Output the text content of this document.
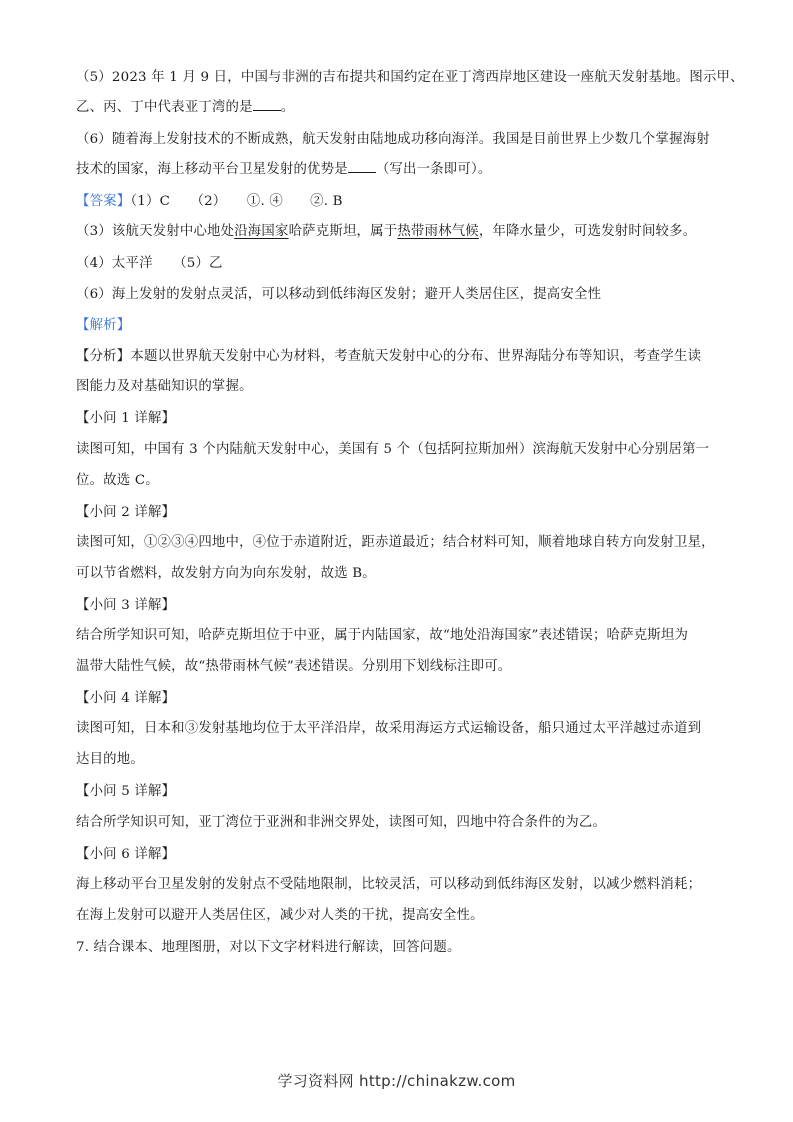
（5）2023 年 1 月 9 日，中国与非洲的吉布提共和国约定在亚丁湾西岸地区建设一座航天发射基地。图示甲、
乙、丙、丁中代表亚丁湾的是 。
（6）随着海上发射技术的不断成熟，航天发射由陆地成功移向海洋。我国是目前世界上少数几个掌握海射
技术的国家，海上移动平台卫星发射的优势是 （写出一条即可）。
【答案】（1）C　　（2）　　①. ④　　②. B
（3）该航天发射中心地处沿海国家哈萨克斯坦，属于热带雨林气候，年降水量少，可选发射时间较多。
（4）太平洋　　（5）乙
（6）海上发射的发射点灵活，可以移动到低纬海区发射；避开人类居住区，提高安全性
【解析】
【分析】本题以世界航天发射中心为材料，考查航天发射中心的分布、世界海陆分布等知识，考查学生读
图能力及对基础知识的掌握。
【小问 1 详解】
读图可知，中国有 3 个内陆航天发射中心，美国有 5 个（包括阿拉斯加州）滨海航天发射中心分别居第一
位。故选 C。
【小问 2 详解】
读图可知，①②③④四地中，④位于赤道附近，距赤道最近；结合材料可知，顺着地球自转方向发射卫星，
可以节省燃料，故发射方向为向东发射，故选 B。
【小问 3 详解】
结合所学知识可知，哈萨克斯坦位于中亚，属于内陆国家，故“地处沿海国家”表述错误；哈萨克斯坦为
温带大陆性气候，故“热带雨林气候”表述错误。分别用下划线标注即可。
【小问 4 详解】
读图可知，日本和③发射基地均位于太平洋沿岸，故采用海运方式运输设备，船只通过太平洋越过赤道到
达目的地。
【小问 5 详解】
结合所学知识可知，亚丁湾位于亚洲和非洲交界处，读图可知，四地中符合条件的为乙。
【小问 6 详解】
海上移动平台卫星发射的发射点不受陆地限制，比较灵活，可以移动到低纬海区发射，以减少燃料消耗；
在海上发射可以避开人类居住区，减少对人类的干扰，提高安全性。
7. 结合课本、地理图册，对以下文字材料进行解读，回答问题。
学习资料网 http://chinakzw.com
